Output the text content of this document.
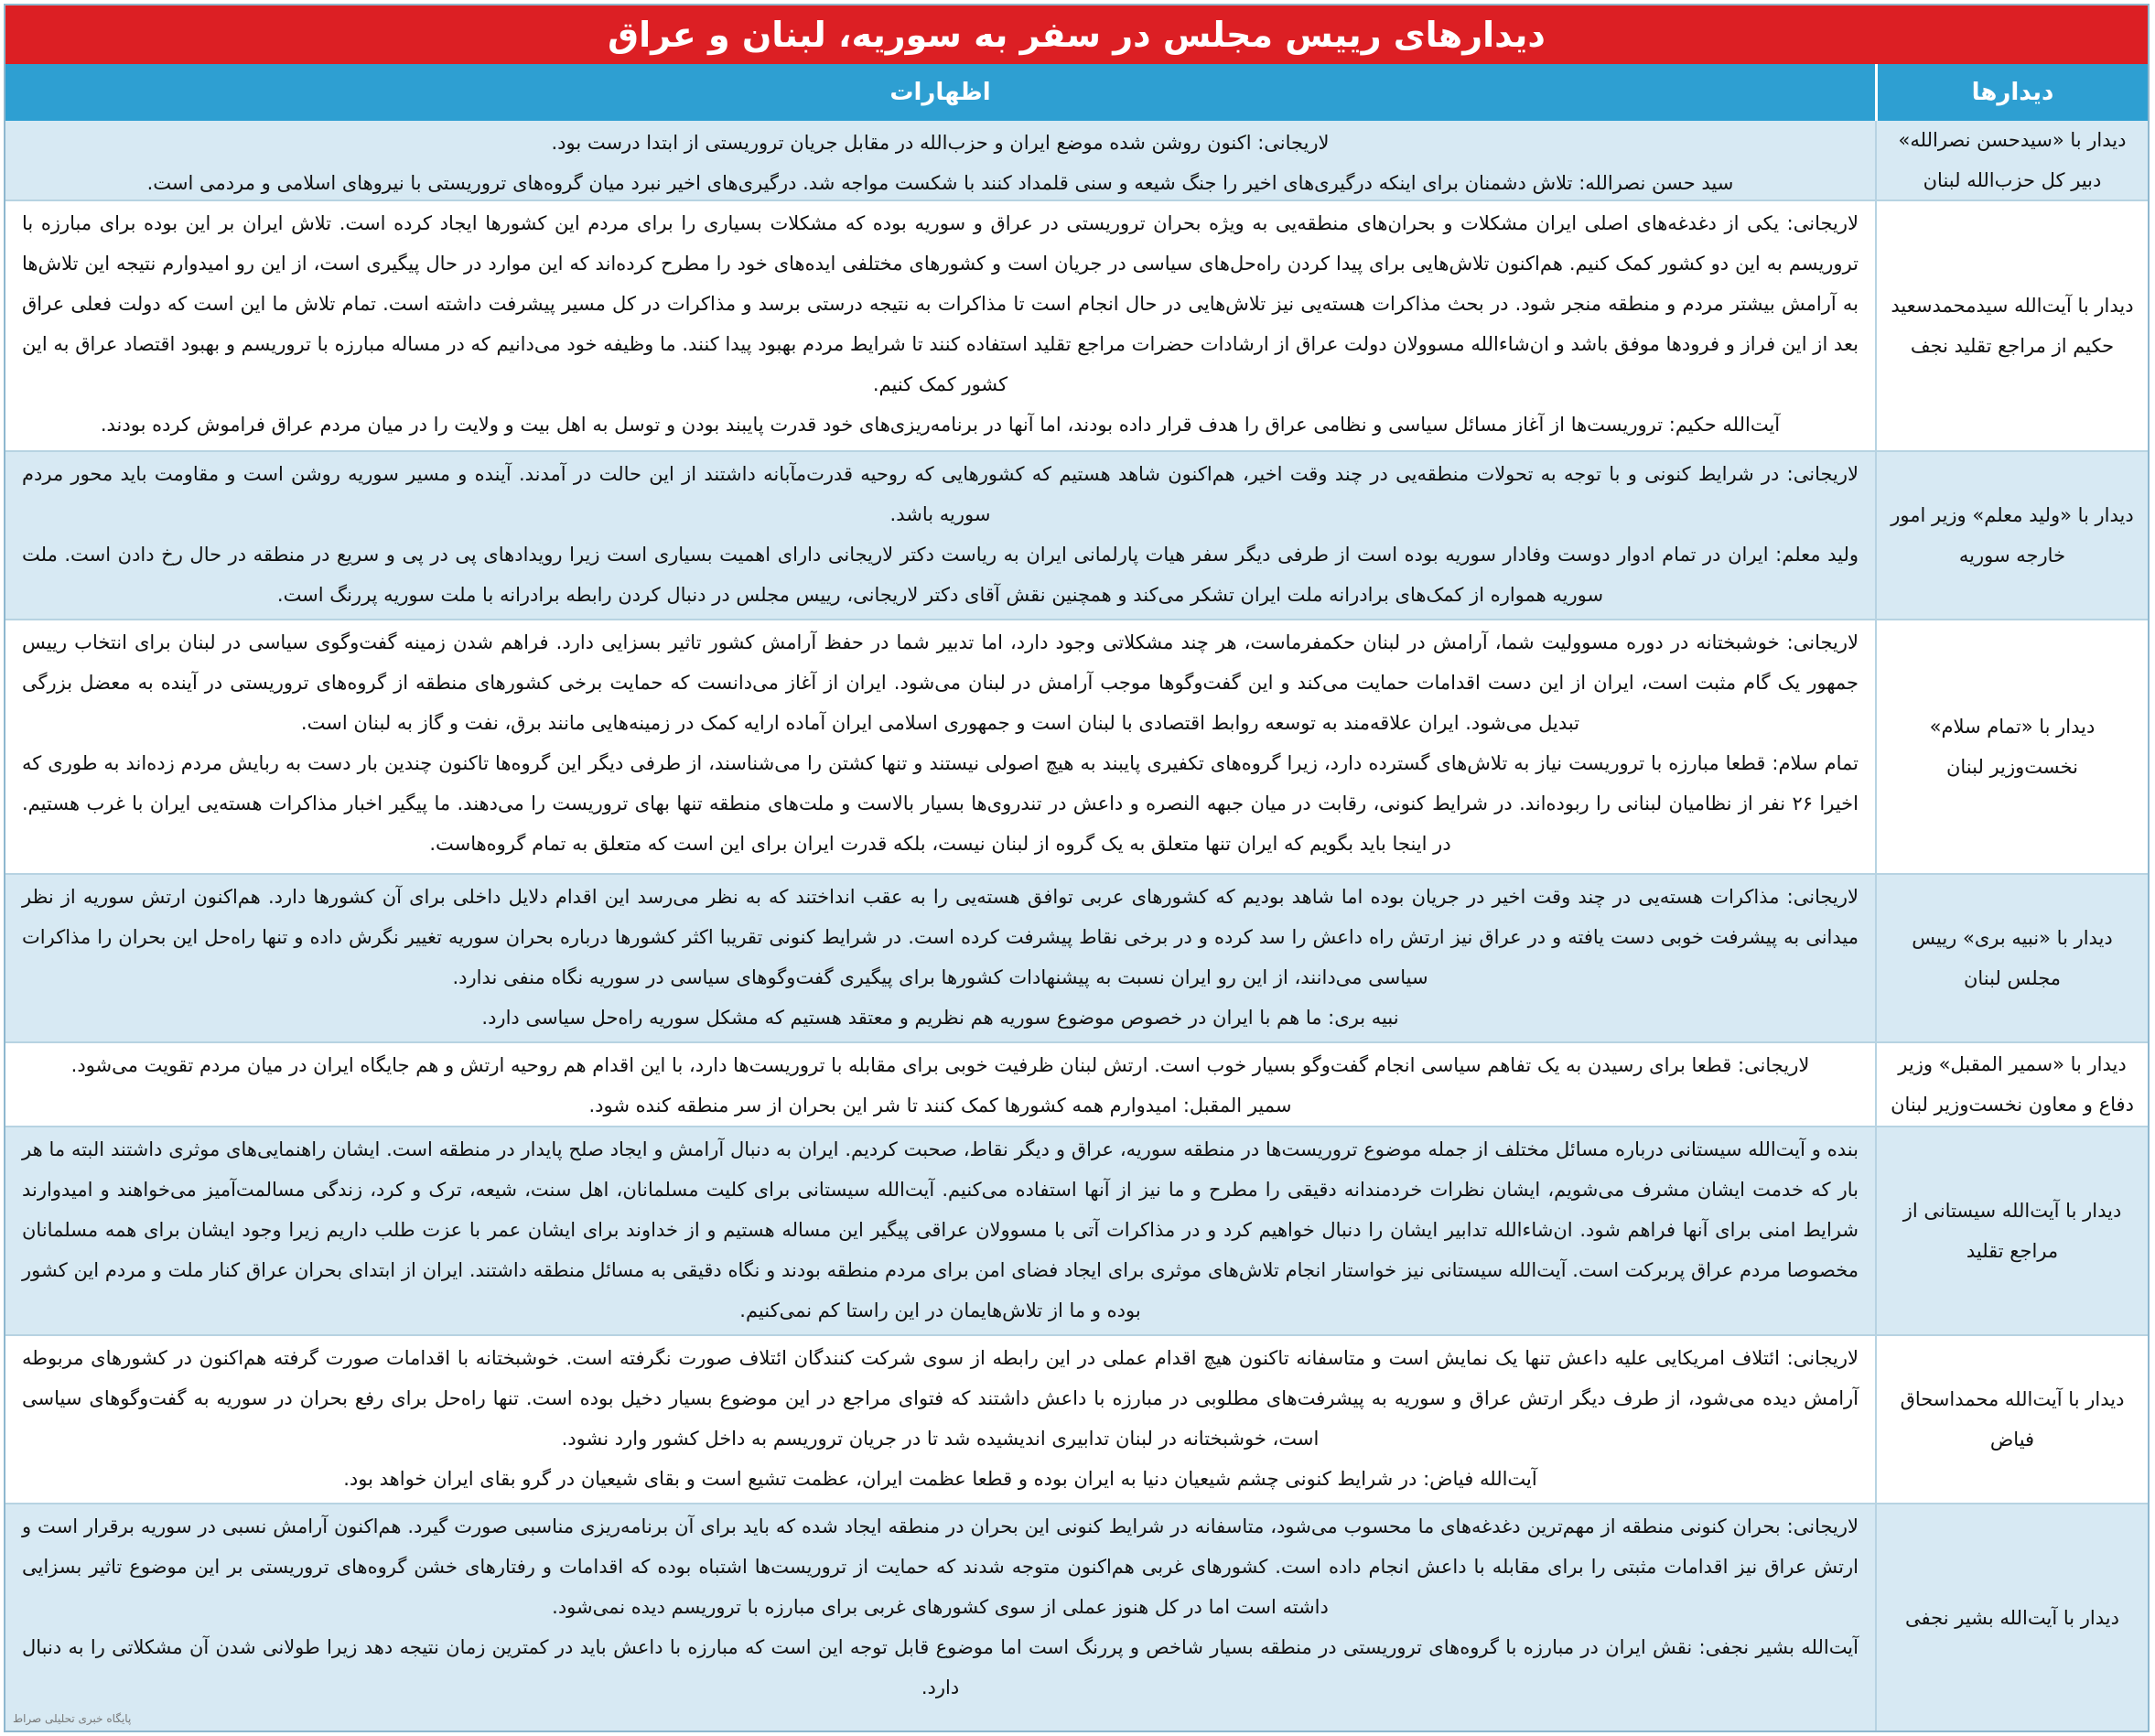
دیدارهای رییس مجلس در سفر به سوریه، لبنان و عراق
دیدارها
اظهارات
دیدار با «سیدحسن نصرالله» دبیر کل حزب‌الله لبنان

لاریجانی: اکنون روشن شده موضع ایران و حزب‌الله در مقابل جریان تروریستی از ابتدا درست بود.

سید حسن نصرالله: تلاش دشمنان برای اینکه درگیری‌های اخیر را جنگ شیعه و سنی قلمداد کنند با شکست مواجه شد. درگیری‌های اخیر نبرد میان گروه‌های تروریستی با نیروهای اسلامی و مردمی است.

دیدار با آیت‌الله سیدمحمدسعید حکیم از مراجع تقلید نجف

لاریجانی: یکی از دغدغه‌های اصلی ایران مشکلات و بحران‌های منطقه‌یی به ویژه بحران تروریستی در عراق و سوریه بوده که مشکلات بسیاری را برای مردم این کشورها ایجاد کرده است. تلاش ایران بر این بوده برای مبارزه با تروریسم به این دو کشور کمک کنیم. هم‌اکنون تلاش‌هایی برای پیدا کردن راه‌حل‌های سیاسی در جریان است و کشورهای مختلفی ایده‌های خود را مطرح کرده‌اند که این موارد در حال پیگیری است، از این رو امیدوارم نتیجه این تلاش‌ها به آرامش بیشتر مردم و منطقه منجر شود. در بحث مذاکرات هسته‌یی نیز تلاش‌هایی در حال انجام است تا مذاکرات به نتیجه درستی برسد و مذاکرات در کل مسیر پیشرفت داشته است. تمام تلاش ما این است که دولت فعلی عراق بعد از این فراز و فرودها موفق باشد و ان‌شاءالله مسوولان دولت عراق از ارشادات حضرات مراجع تقلید استفاده کنند تا شرایط مردم بهبود پیدا کنند. ما وظیفه خود می‌دانیم که در مساله مبارزه با تروریسم و بهبود اقتصاد عراق به این کشور کمک کنیم.

آیت‌الله حکیم: تروریست‌ها از آغاز مسائل سیاسی و نظامی عراق را هدف قرار داده بودند، اما آنها در برنامه‌ریزی‌های خود قدرت پایبند بودن و توسل به اهل بیت و ولایت را در میان مردم عراق فراموش کرده بودند.

دیدار با «ولید معلم» وزیر امور خارجه سوریه

لاریجانی: در شرایط کنونی و با توجه به تحولات منطقه‌یی در چند وقت اخیر، هم‌اکنون شاهد هستیم که کشورهایی که روحیه قدرت‌مآبانه داشتند از این حالت در آمدند. آینده و مسیر سوریه روشن است و مقاومت باید محور مردم سوریه باشد.

ولید معلم: ایران در تمام ادوار دوست وفادار سوریه بوده است از طرفی دیگر سفر هیات پارلمانی ایران به ریاست دکتر لاریجانی دارای اهمیت بسیاری است زیرا رویدادهای پی در پی و سریع در منطقه در حال رخ دادن است. ملت سوریه همواره از کمک‌های برادرانه ملت ایران تشکر می‌کند و همچنین نقش آقای دکتر لاریجانی، رییس مجلس در دنبال کردن رابطه برادرانه با ملت سوریه پررنگ است.

دیدار با «تمام سلام» نخست‌وزیر لبنان

لاریجانی: خوشبختانه در دوره مسوولیت شما، آرامش در لبنان حکمفرماست، هر چند مشکلاتی وجود دارد، اما تدبیر شما در حفظ آرامش کشور تاثیر بسزایی دارد. فراهم شدن زمینه گفت‌وگوی سیاسی در لبنان برای انتخاب رییس جمهور یک گام مثبت است، ایران از این دست اقدامات حمایت می‌کند و این گفت‌وگوها موجب آرامش در لبنان می‌شود. ایران از آغاز می‌دانست که حمایت برخی کشورهای منطقه از گروه‌های تروریستی در آینده به معضل بزرگی تبدیل می‌شود. ایران علاقه‌مند به توسعه روابط اقتصادی با لبنان است و جمهوری اسلامی ایران آماده ارایه کمک در زمینه‌هایی مانند برق، نفت و گاز به لبنان است.

تمام سلام: قطعا مبارزه با تروریست نیاز به تلاش‌های گسترده دارد، زیرا گروه‌های تکفیری پایبند به هیچ اصولی نیستند و تنها کشتن را می‌شناسند، از طرفی دیگر این گروه‌ها تاکنون چندین بار دست به ربایش مردم زده‌اند به طوری که اخیرا ۲۶ نفر از نظامیان لبنانی را ربوده‌اند. در شرایط کنونی، رقابت در میان جبهه النصره و داعش در تندروی‌ها بسیار بالاست و ملت‌های منطقه تنها بهای تروریست را می‌دهند. ما پیگیر اخبار مذاکرات هسته‌یی ایران با غرب هستیم. در اینجا باید بگویم که ایران تنها متعلق به یک گروه از لبنان نیست، بلکه قدرت ایران برای این است که متعلق به تمام گروه‌هاست.

دیدار با «نبیه بری» رییس مجلس لبنان

لاریجانی: مذاکرات هسته‌یی در چند وقت اخیر در جریان بوده اما شاهد بودیم که کشورهای عربی توافق هسته‌یی را به عقب انداختند که به نظر می‌رسد این اقدام دلایل داخلی برای آن کشورها دارد. هم‌اکنون ارتش سوریه از نظر میدانی به پیشرفت خوبی دست یافته و در عراق نیز ارتش راه داعش را سد کرده و در برخی نقاط پیشرفت کرده است. در شرایط کنونی تقریبا اکثر کشورها درباره بحران سوریه تغییر نگرش داده و تنها راه‌حل این بحران را مذاکرات سیاسی می‌دانند، از این رو ایران نسبت به پیشنهادات کشورها برای پیگیری گفت‌وگوهای سیاسی در سوریه نگاه منفی ندارد.

نبیه بری: ما هم با ایران در خصوص موضوع سوریه هم نظریم و معتقد هستیم که مشکل سوریه راه‌حل سیاسی دارد.

دیدار با «سمیر المقبل» وزیر دفاع و معاون نخست‌وزیر لبنان

لاریجانی: قطعا برای رسیدن به یک تفاهم سیاسی انجام گفت‌وگو بسیار خوب است. ارتش لبنان ظرفیت خوبی برای مقابله با تروریست‌ها دارد، با این اقدام هم روحیه ارتش و هم جایگاه ایران در میان مردم تقویت می‌شود.

سمیر المقبل: امیدوارم همه کشورها کمک کنند تا شر این بحران از سر منطقه کنده شود.

دیدار با آیت‌الله سیستانی از مراجع تقلید

بنده و آیت‌الله سیستانی درباره مسائل مختلف از جمله موضوع تروریست‌ها در منطقه سوریه، عراق و دیگر نقاط، صحبت کردیم. ایران به دنبال آرامش و ایجاد صلح پایدار در منطقه است. ایشان راهنمایی‌های موثری داشتند البته ما هر بار که خدمت ایشان مشرف می‌شویم، ایشان نظرات خردمندانه دقیقی را مطرح و ما نیز از آنها استفاده می‌کنیم. آیت‌الله سیستانی برای کلیت مسلمانان، اهل سنت، شیعه، ترک و کرد، زندگی مسالمت‌آمیز می‌خواهند و امیدوارند شرایط امنی برای آنها فراهم شود. ان‌شاءالله تدابیر ایشان را دنبال خواهیم کرد و در مذاکرات آتی با مسوولان عراقی پیگیر این مساله هستیم و از خداوند برای ایشان عمر با عزت طلب داریم زیرا وجود ایشان برای همه مسلمانان مخصوصا مردم عراق پربرکت است. آیت‌الله سیستانی نیز خواستار انجام تلاش‌های موثری برای ایجاد فضای امن برای مردم منطقه بودند و نگاه دقیقی به مسائل منطقه داشتند. ایران از ابتدای بحران عراق کنار ملت و مردم این کشور بوده و ما از تلاش‌هایمان در این راستا کم نمی‌کنیم.

دیدار با آیت‌الله محمداسحاق فیاض

لاریجانی: ائتلاف امریکایی علیه داعش تنها یک نمایش است و متاسفانه تاکنون هیچ اقدام عملی در این رابطه از سوی شرکت کنندگان ائتلاف صورت نگرفته است. خوشبختانه با اقدامات صورت گرفته هم‌اکنون در کشورهای مربوطه آرامش دیده می‌شود، از طرف دیگر ارتش عراق و سوریه به پیشرفت‌های مطلوبی در مبارزه با داعش داشتند که فتوای مراجع در این موضوع بسیار دخیل بوده است. تنها راه‌حل برای رفع بحران در سوریه به گفت‌وگوهای سیاسی است، خوشبختانه در لبنان تدابیری اندیشیده شد تا در جریان تروریسم به داخل کشور وارد نشود.

آیت‌الله فیاض: در شرایط کنونی چشم شیعیان دنیا به ایران بوده و قطعا عظمت ایران، عظمت تشیع است و بقای شیعیان در گرو بقای ایران خواهد بود.

دیدار با آیت‌الله بشیر نجفی

لاریجانی: بحران کنونی منطقه از مهم‌ترین دغدغه‌های ما محسوب می‌شود، متاسفانه در شرایط کنونی این بحران در منطقه ایجاد شده که باید برای آن برنامه‌ریزی مناسبی صورت گیرد. هم‌اکنون آرامش نسبی در سوریه برقرار است و ارتش عراق نیز اقدامات مثبتی را برای مقابله با داعش انجام داده است. کشورهای غربی هم‌اکنون متوجه شدند که حمایت از تروریست‌ها اشتباه بوده که اقدامات و رفتارهای خشن گروه‌های تروریستی بر این موضوع تاثیر بسزایی داشته است اما در کل هنوز عملی از سوی کشورهای غربی برای مبارزه با تروریسم دیده نمی‌شود.

آیت‌الله بشیر نجفی: نقش ایران در مبارزه با گروه‌های تروریستی در منطقه بسیار شاخص و پررنگ است اما موضوع قابل توجه این است که مبارزه با داعش باید در کمترین زمان نتیجه دهد زیرا طولانی شدن آن مشکلاتی را به دنبال دارد.

پایگاه خبری تحلیلی صراط
